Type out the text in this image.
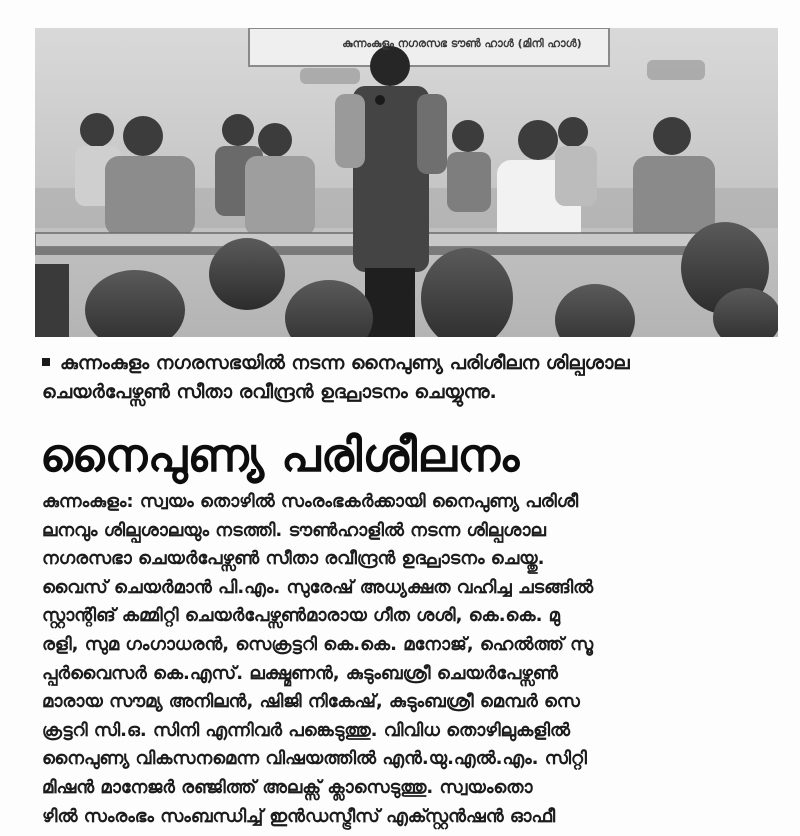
കുന്നംകുളം നഗരസഭ ടൗൺ ഹാൾ (മിനി ഹാൾ)
കുന്നംകുളം നഗരസഭയിൽ നടന്ന നൈപുണ്യ പരിശീലന ശില്പശാല
ചെയർപേഴ്സൺ സീതാ രവീന്ദ്രൻ ഉദ്ഘാടനം ചെയ്യുന്നു.
നൈപുണ്യ പരിശീലനം
കുന്നംകുളം: സ്വയം തൊഴിൽ സംരംഭകർക്കായി നൈപുണ്യ പരിശീ
ലനവും ശില്പശാലയും നടത്തി. ടൗൺഹാളിൽ നടന്ന ശില്പശാല
നഗരസഭാ ചെയർപേഴ്സൺ സീതാ രവീന്ദ്രൻ ഉദ്ഘാടനം ചെയ്തു.
വൈസ് ചെയർമാൻ പി.എം. സുരേഷ് അധ്യക്ഷത വഹിച്ച ചടങ്ങിൽ
സ്റ്റാന്റിങ് കമ്മിറ്റി ചെയർപേഴ്സൺമാരായ ഗീത ശശി, കെ.കെ. മു
രളി, സുമ ഗംഗാധരൻ, സെക്രട്ടറി കെ.കെ. മനോജ്, ഹെൽത്ത് സൂ
പ്പർവൈസർ കെ.എസ്. ലക്ഷ്മണൻ, കുടുംബശ്രീ ചെയർപേഴ്സൺ
മാരായ സൗമ്യ അനിലൻ, ഷിജി നികേഷ്, കുടുംബശ്രീ മെമ്പർ സെ
ക്രട്ടറി സി.ഒ. സിനി എന്നിവർ പങ്കെടുത്തു. വിവിധ തൊഴിലുകളിൽ
നൈപുണ്യ വികസനമെന്ന വിഷയത്തിൽ എൻ.യു.എൽ.എം. സിറ്റി
മിഷൻ മാനേജർ രഞ്ജിത്ത് അലക്സ് ക്ലാസെടുത്തു. സ്വയംതൊ
ഴിൽ സംരംഭം സംബന്ധിച്ച് ഇൻഡസ്ട്രീസ് എക്സ്റ്റൻഷൻ ഓഫീ
